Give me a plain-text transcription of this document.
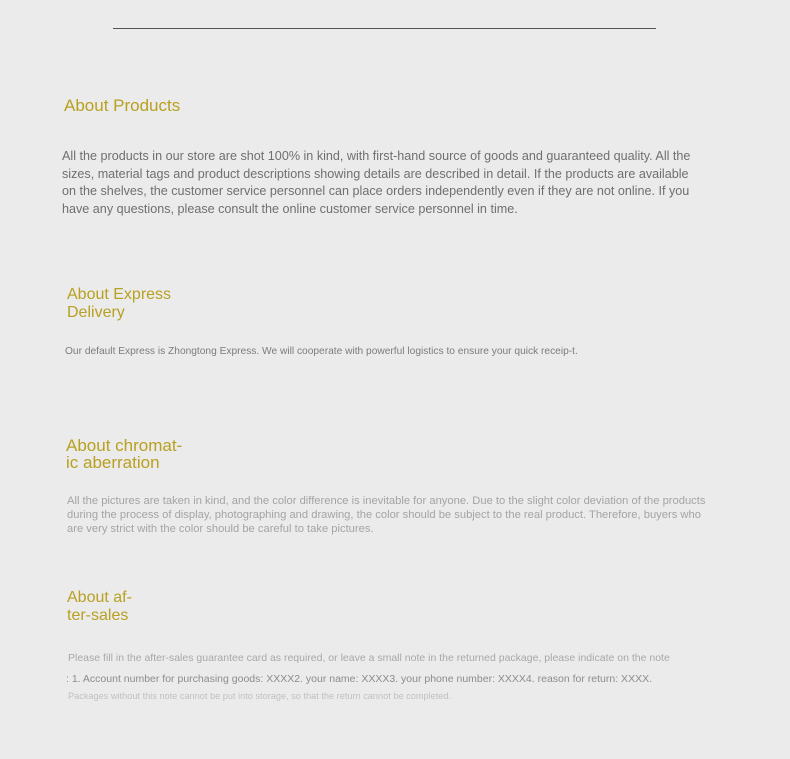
About Products

All the products in our store are shot 100% in kind, with first-hand source of goods and guaranteed quality. All the sizes, material tags and product descriptions showing details are described in detail. If the products are available on the shelves, the customer service personnel can place orders independently even if they are not online. If you have any questions, please consult the online customer service personnel in time.

About Express
Delivery

Our default Express is Zhongtong Express. We will cooperate with powerful logistics to ensure your quick receip-t.

About chromat-
ic aberration

All the pictures are taken in kind, and the color difference is inevitable for anyone. Due to the slight color deviation of the products during the process of display, photographing and drawing, the color should be subject to the real product. Therefore, buyers who are very strict with the color should be careful to take pictures.

About af-
ter-sales

Please fill in the after-sales guarantee card as required, or leave a small note in the returned package, please indicate on the note

: 1. Account number for purchasing goods: XXXX2. your name: XXXX3. your phone number: XXXX4. reason for return: XXXX.

Packages without this note cannot be put into storage, so that the return cannot be completed.
